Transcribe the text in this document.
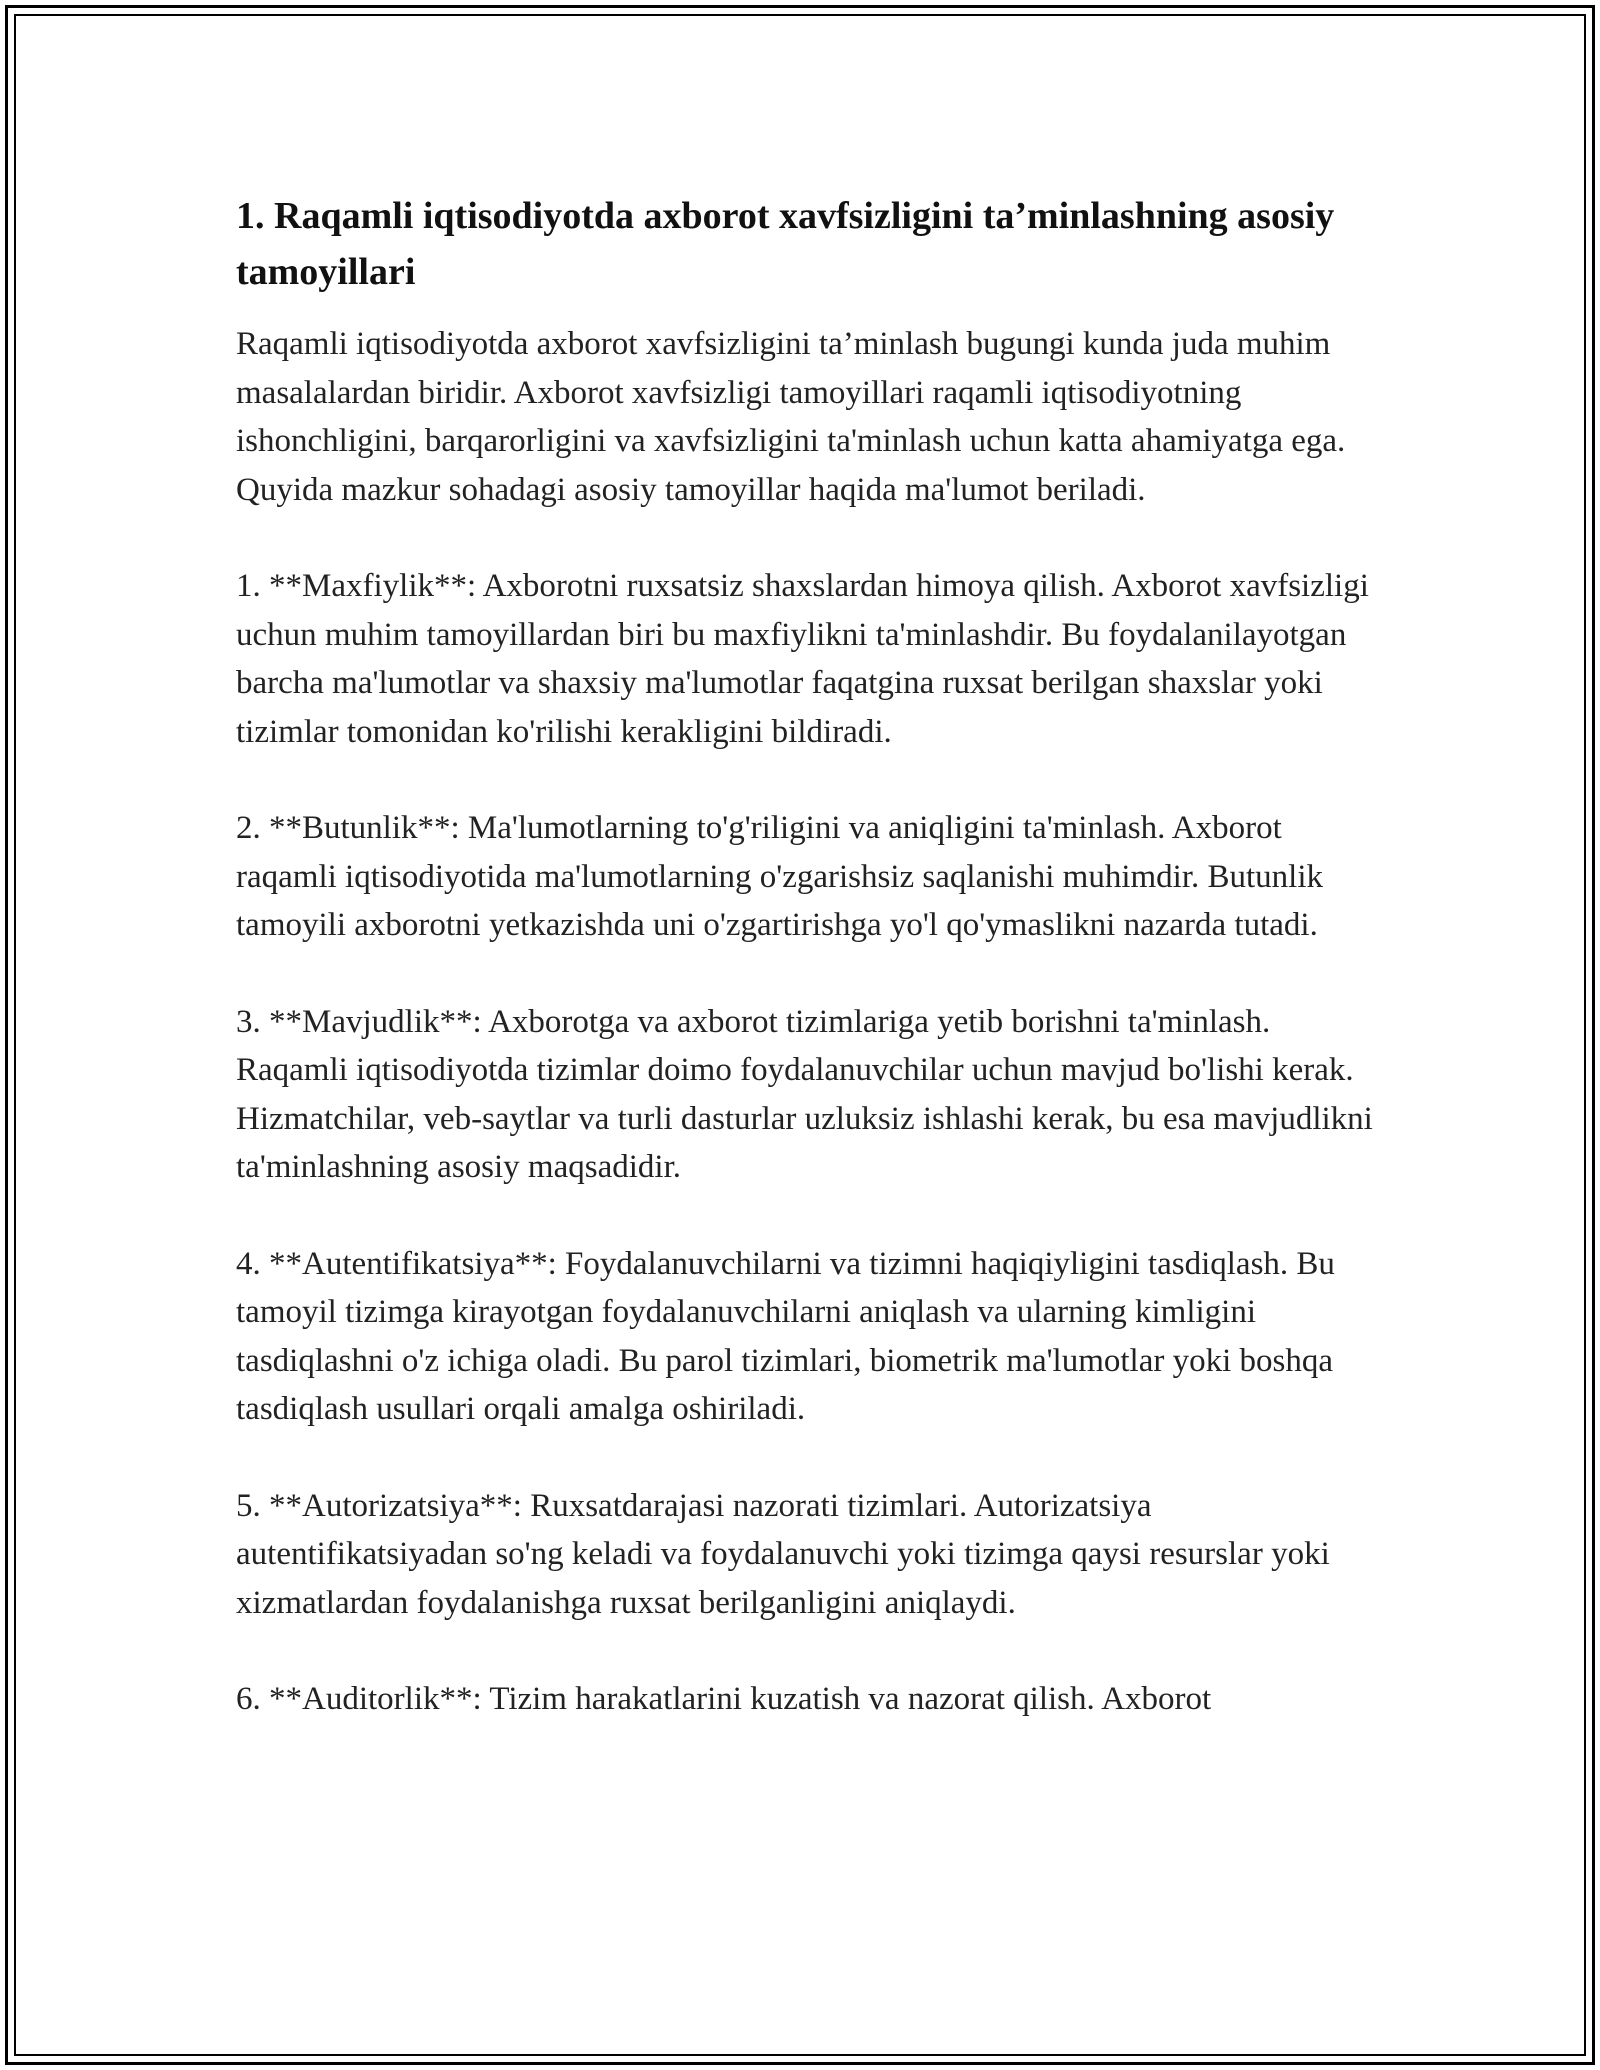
1. Raqamli iqtisodiyotda axborot xavfsizligini ta’minlashning asosiy tamoyillari

Raqamli iqtisodiyotda axborot xavfsizligini ta’minlash bugungi kunda juda muhim masalalardan biridir. Axborot xavfsizligi tamoyillari raqamli iqtisodiyotning ishonchligini, barqarorligini va xavfsizligini ta'minlash uchun katta ahamiyatga ega. Quyida mazkur sohadagi asosiy tamoyillar haqida ma'lumot beriladi.

1. **Maxfiylik**: Axborotni ruxsatsiz shaxslardan himoya qilish. Axborot xavfsizligi uchun muhim tamoyillardan biri bu maxfiylikni ta'minlashdir. Bu foydalanilayotgan barcha ma'lumotlar va shaxsiy ma'lumotlar faqatgina ruxsat berilgan shaxslar yoki tizimlar tomonidan ko'rilishi kerakligini bildiradi.

2. **Butunlik**: Ma'lumotlarning to'g'riligini va aniqligini ta'minlash. Axborot raqamli iqtisodiyotida ma'lumotlarning o'zgarishsiz saqlanishi muhimdir. Butunlik tamoyili axborotni yetkazishda uni o'zgartirishga yo'l qo'ymaslikni nazarda tutadi.

3. **Mavjudlik**: Axborotga va axborot tizimlariga yetib borishni ta'minlash. Raqamli iqtisodiyotda tizimlar doimo foydalanuvchilar uchun mavjud bo'lishi kerak. Hizmatchilar, veb-saytlar va turli dasturlar uzluksiz ishlashi kerak, bu esa mavjudlikni ta'minlashning asosiy maqsadidir.

4. **Autentifikatsiya**: Foydalanuvchilarni va tizimni haqiqiyligini tasdiqlash. Bu tamoyil tizimga kirayotgan foydalanuvchilarni aniqlash va ularning kimligini tasdiqlashni o'z ichiga oladi. Bu parol tizimlari, biometrik ma'lumotlar yoki boshqa tasdiqlash usullari orqali amalga oshiriladi.

5. **Autorizatsiya**: Ruxsatdarajasi nazorati tizimlari. Autorizatsiya autentifikatsiyadan so'ng keladi va foydalanuvchi yoki tizimga qaysi resurslar yoki xizmatlardan foydalanishga ruxsat berilganligini aniqlaydi.

6. **Auditorlik**: Tizim harakatlarini kuzatish va nazorat qilish. Axborot
